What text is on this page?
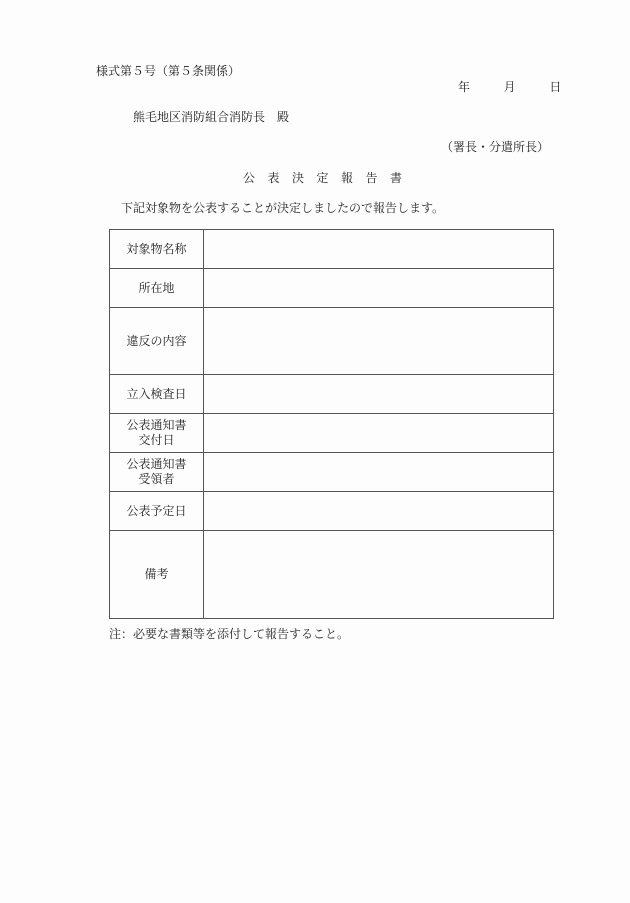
様式第５号（第５条関係）
年	月	日
熊毛地区消防組合消防長　殿
（署長・分遣所長）
公表決定報告書
下記対象物を公表することが決定しましたので報告します。
対象物名称	

所在地	

違反の内容	

立入検査日	

公表通知書
交付日	

公表通知書
受領者	

公表予定日	

備考	

注：必要な書類等を添付して報告すること。
